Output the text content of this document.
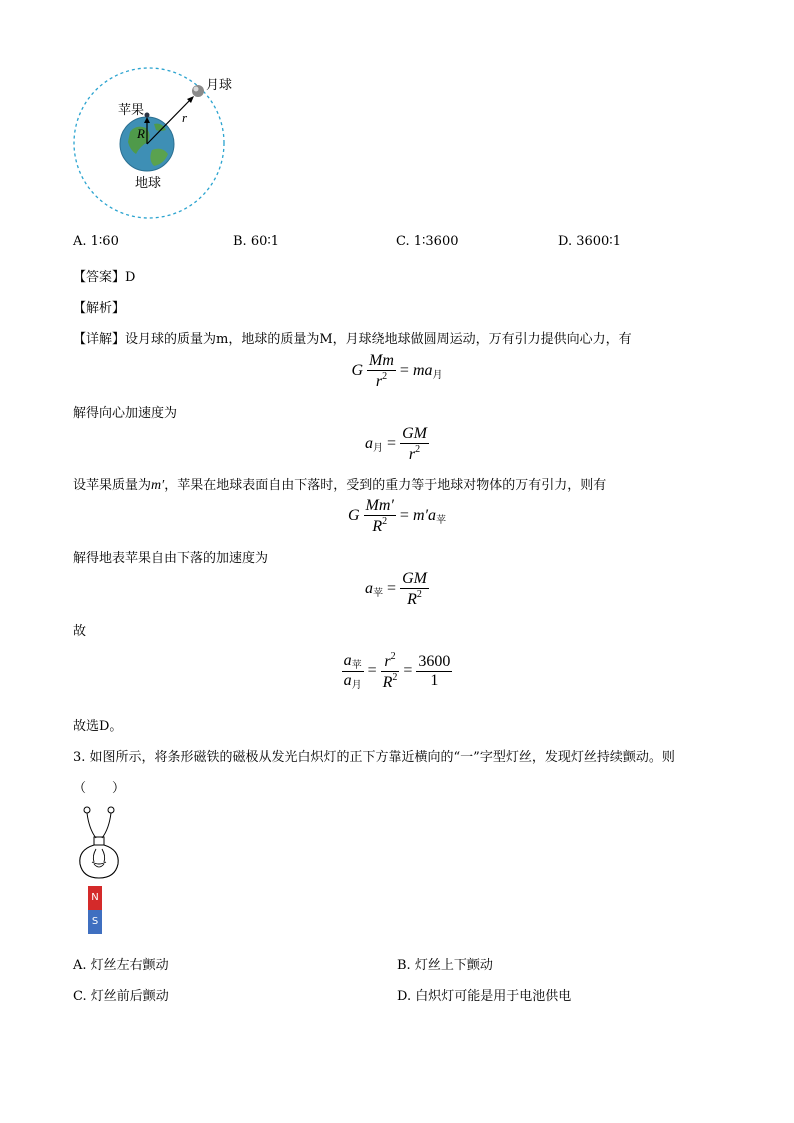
月球
苹果
地球
R
r
A. 1∶60	B. 60∶1	C. 1∶3600	D. 3600∶1
【答案】D
【解析】
【详解】设月球的质量为m，地球的质量为M，月球绕地球做圆周运动，万有引力提供向心力，有
G $\frac{Mm}{r^2} = ma_月$
解得向心加速度为
$a_月 = \frac{GM}{r^2}$
设苹果质量为m′，苹果在地球表面自由下落时，受到的重力等于地球对物体的万有引力，则有
G $\frac{Mm'}{R^2} = m'a_苹$
解得地表苹果自由下落的加速度为
$a_苹 = \frac{GM}{R^2}$
故
$\frac{a_苹}{a_月} = \frac{r^2}{R^2} = \frac{3600}{1}$
故选D。
3. 如图所示，将条形磁铁的磁极从发光白炽灯的正下方靠近横向的“一”字型灯丝，发现灯丝持续颤动。则
（　　）
N
S
A. 灯丝左右颤动	B. 灯丝上下颤动
C. 灯丝前后颤动	D. 白炽灯可能是用于电池供电
